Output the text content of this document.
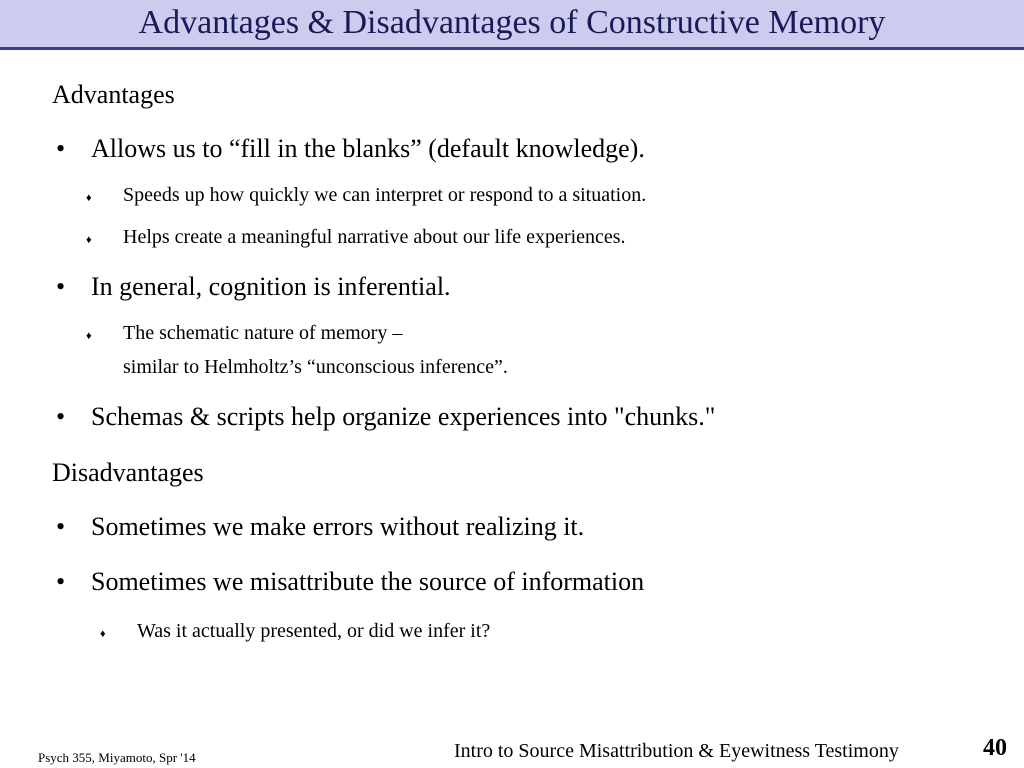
Advantages & Disadvantages of Constructive Memory
Advantages
• Allows us to “fill in the blanks” (default knowledge).
♦ Speeds up how quickly we can interpret or respond to a situation.
♦ Helps create a meaningful narrative about our life experiences.
• In general, cognition is inferential.
♦ The schematic nature of memory –
similar to Helmholtz’s “unconscious inference”.
• Schemas & scripts help organize experiences into "chunks."
Disadvantages
• Sometimes we make errors without realizing it.
• Sometimes we misattribute the source of information
♦ Was it actually presented, or did we infer it?
Psych 355, Miyamoto, Spr '14	Intro to Source Misattribution & Eyewitness Testimony	40
